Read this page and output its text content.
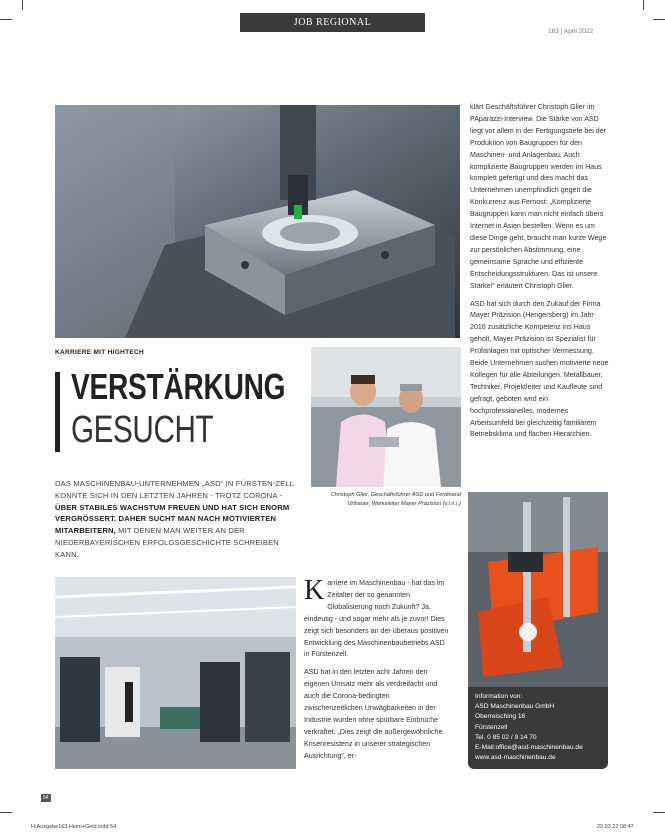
JOB REGIONAL
163 | April 2022
KARRIERE MIT HIGHTECH
VERSTÄRKUNG
GESUCHT
DAS MASCHINENBAU-UNTERNEHMEN „ASD“ IN FÜRSTEN-ZELL KONNTE SICH IN DEN LETZTEN JAHREN - TROTZ CORONA - ÜBER STABILES WACHSTUM FREUEN UND HAT SICH ENORM VERGRÖSSERT. DAHER SUCHT MAN NACH MOTIVIERTEN MITARBEITERN, MIT DENEN MAN WEITER AN DER NIEDERBAYERISCHEN ERFOLGSGESCHICHTE SCHREIBEN KANN.
Christoph Glier, Geschäftsführer ASD und Ferdinand Uribauer, Werksleiter Mayer Präzision (v.l.n.r.)

Karriere im Maschinenbau - hat das im Zeitalter der so genannten Globalisierung noch Zukunft? Ja, eindeutig - und sogar mehr als je zuvor! Dies zeigt sich besonders an der überaus positiven Entwicklung des Maschinenbaubetriebs ASD in Fürstenzell.

ASD hat in den letzten acht Jahren den eigenen Umsatz mehr als verdreifacht und auch die Corona-bedingten zwischenzeitlichen Unwägbarkeiten in der Industrie wurden ohne spürbare Einbrüche verkraftet. „Dies zeigt die außergewöhnliche Krisenresistenz in unserer strategischen Ausrichtung“, er-

klärt Geschäftsführer Christoph Glier im PAparazzi-Interview. Die Stärke von ASD liegt vor allem in der Fertigungstiefe bei der Produktion von Baugruppen für den Maschinen- und Anlagenbau. Auch komplizierte Baugruppen werden im Haus komplett gefertigt und dies macht das Unternehmen unempfindlich gegen die Konkurrenz aus Fernost: „Komplizierte Baugruppen kann man nicht einfach übers Internet in Asien bestellen. Wenn es um diese Dinge geht, braucht man kurze Wege zur persönlichen Abstimmung, eine gemeinsame Sprache und effiziente Entscheidungsstrukturen. Das ist unsere Stärke!“ erläutert Christoph Glier.

ASD hat sich durch den Zukauf der Firma Mayer Präzision (Hengersberg) im Jahr 2016 zusätzliche Kompetenz ins Haus geholt, Mayer Präzision ist Spezialist für Prüfanlagen mit optischer Vermessung. Beide Unternehmen suchen motivierte neue Kollegen für alle Abteilungen. Metallbauer, Techniker, Projektleiter und Kaufleute sind gefragt, geboten wird ein hochprofessionelles, modernes Arbeitsumfeld bei gleichzeitig familiärem Betriebsklima und flachen Hierarchien.

Information von:
ASD Maschinenbau GmbH
Oberreisching 16
Fürstenzell
Tel. 0 85 02 / 9 14 70
E-Mail:office@asd-maschinenbau.de
www.asd-maschinenbau.de
54
H.Ausgabe163.Heim+Geld.indd 54	22.03.22 08:47
